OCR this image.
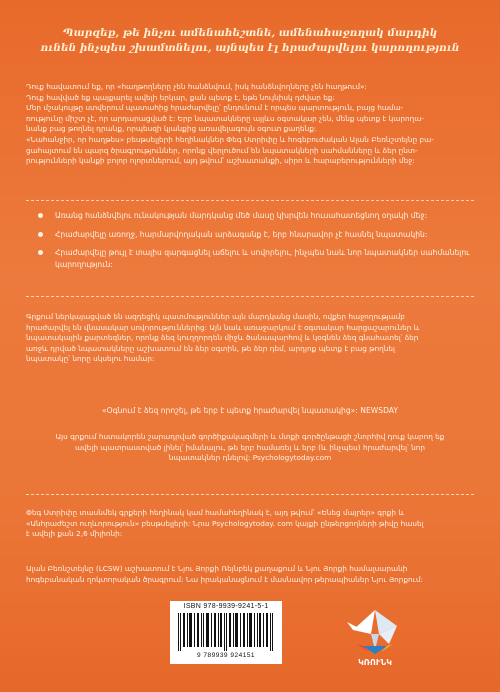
Պարզեք, թե ինչու ամենահեշտնե, ամենահաջողակ մարդիկ
ունեն ինչպես շխամտնելու, այնպես էլ հրաժարվելու կարողություն
Դուք հավատում եք, որ «հաղթողները չեն հանձնվում, իսկ հանձնվողները չեն հաղթում»:
Դուք հավված եք պայքարել ավելի երկար, քան պետք է, եթե նույնիսկ դժվար եք:
Մեր մշակույթը ստվերում պատահից հրաժարվելը՝ ընդունում է որպես պարտություն, բայց համա-
ռությունը միշտ չէ, որ արդարացված է: Երբ նպատակները այլևս օգտակար չեն, մենք պետք է կարողա-
նանք բաց թողնել դրանք, որպեսզի կյանքից առավելագույն օգուտ քաղենք:
«Նահանջիր, որ հաղթես» բեսթսելլերի հեղինակներ Փեգ Ստրիփը և հոգեբուժական Ալան Բեռնշտեյնը բա-
ցահայտում են պարզ ծրագրություններ, որոնք վերլուծում են նպատակների սահմանները և ձեր ընտ-
րությունների կանքի բոլոր ոլորտներում, այդ թվում՝ աշխատանքի, սիրո և հարաբերությունների մեջ:
Առանց հանձնվելու ունակության մարդկանց մեծ մասը կխրվեն հուսահատեցնող օղակի մեջ:
Հրաժարվելը առողջ, հարմարվողական արձագանք է, երբ հնարավոր չէ հասնել նպատակին:
Հրաժարվելը թույլ է տալիս զարգացնել աճելու և սովորելու, ինչպես նաև նոր նպատակներ սահմանելու կարողություն:
Գրքում ներկայացված են ազդեցիկ պատմություններ այն մարդկանց մասին, ովքեր հաջողությամբ
հրաժարվել են վնասակար սովորություններից: Այն նաև առաջարկում է օգտակար հարցաշարուներ և
նպատակային քարտեզներ, որոնք ձեզ կուղղորդեն միջև ծանապարհով և կօգնեն ձեզ գնահատել՝ ձեր
առջև դրված նպատակները աշխատում են ձեր օգտին, թե ձեր դեմ, արդյոք պետք է բաց թողնել
նպատակը՝ նորը սկսելու համար:
«Օգնում է ձեզ որոշել, թե երբ է պետք հրաժարվել նպատակից»: NEWSDAY
Այս գրքում հստակորեն շարադրված գործիքակազմերի և մտքի գործընթացի շնորհիվ դուք կարող եք
ավելի պատրաստված լինել՝ իմանալու, թե երբ համառել և երբ (և ինչպես) հրաժարվել՝ նոր
նպատակներ դնելով: Psychologytoday.com
Փեգ Ստրիփը տասնմեկ գրքերի հեղինակ կամ համահեղինակ է, այդ թվում՝ «Ենեց մայրեր» գրքի և
«Անհրաժեշտ ուղևորություն» բեսթսելլերի: Նրա Psychologytoday. com կայքի ընթերցողների թիվը հասել
է ավելի քան 2,6 միլիոնի:
Ալան Բեռնշտեյնը (LCSW) աշխատում է Նյու Յորքի Ռեյնբեկ քաղաքում և Նյու Յորքի համալսարանի
հոգեբանական ղոկտորական ծրագրում: Նա իրականացնում է մասնավոր թերապիաներ Նյու Յորքում:
ISBN 978-9939-9241-5-1
9 789939 924151
ԿՌՈՒՆԿ
